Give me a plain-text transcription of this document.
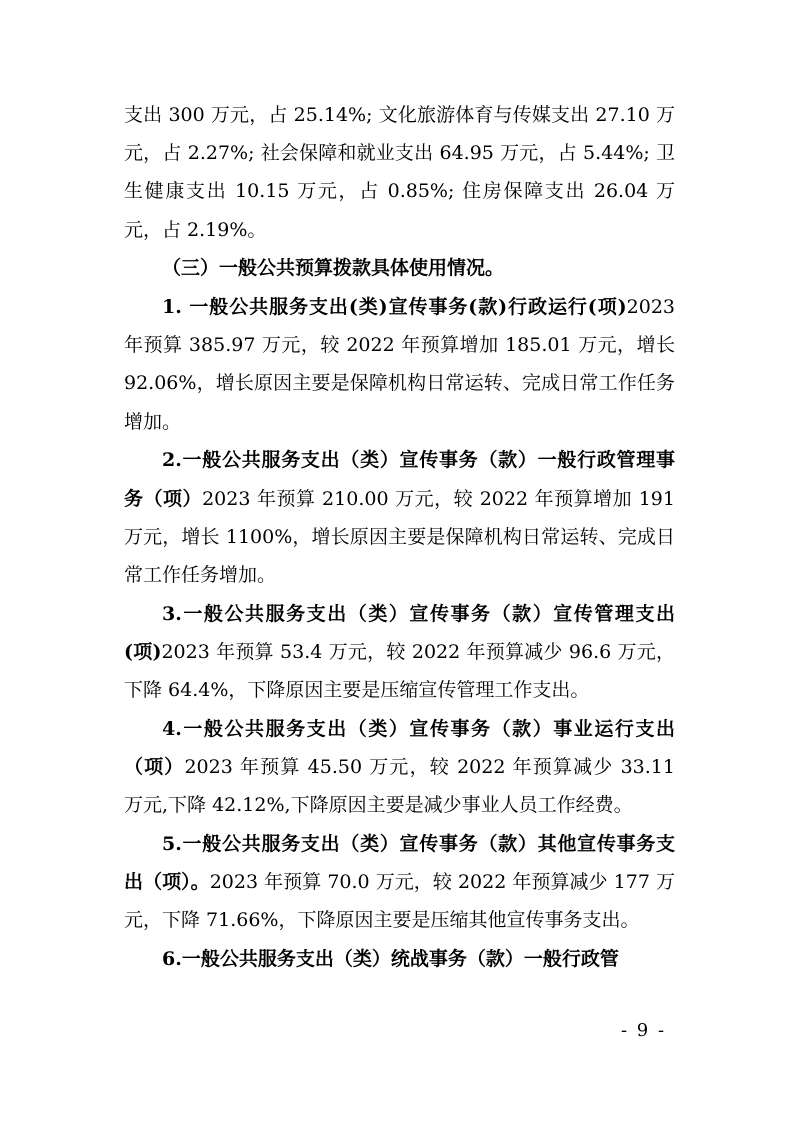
支出 300 万元，占 25.14%; 文化旅游体育与传媒支出 27.10 万元，占 2.27%; 社会保障和就业支出 64.95 万元，占 5.44%; 卫生健康支出 10.15 万元，占 0.85%; 住房保障支出 26.04 万元，占 2.19%。

（三）一般公共预算拨款具体使用情况。

1. 一般公共服务支出(类)宣传事务(款)行政运行(项)2023 年预算 385.97 万元，较 2022 年预算增加 185.01 万元，增长 92.06%，增长原因主要是保障机构日常运转、完成日常工作任务增加。

2.一般公共服务支出（类）宣传事务（款）一般行政管理事务（项）2023 年预算 210.00 万元，较 2022 年预算增加 191 万元，增长 1100%，增长原因主要是保障机构日常运转、完成日常工作任务增加。

3.一般公共服务支出（类）宣传事务（款）宣传管理支出(项)2023 年预算 53.4 万元，较 2022 年预算减少 96.6 万元，下降 64.4%，下降原因主要是压缩宣传管理工作支出。

4.一般公共服务支出（类）宣传事务（款）事业运行支出（项）2023 年预算 45.50 万元，较 2022 年预算减少 33.11 万元,下降 42.12%,下降原因主要是减少事业人员工作经费。

5.一般公共服务支出（类）宣传事务（款）其他宣传事务支出（项）。2023 年预算 70.0 万元，较 2022 年预算减少 177 万元，下降 71.66%，下降原因主要是压缩其他宣传事务支出。

6.一般公共服务支出（类）统战事务（款）一般行政管

- 9 -
